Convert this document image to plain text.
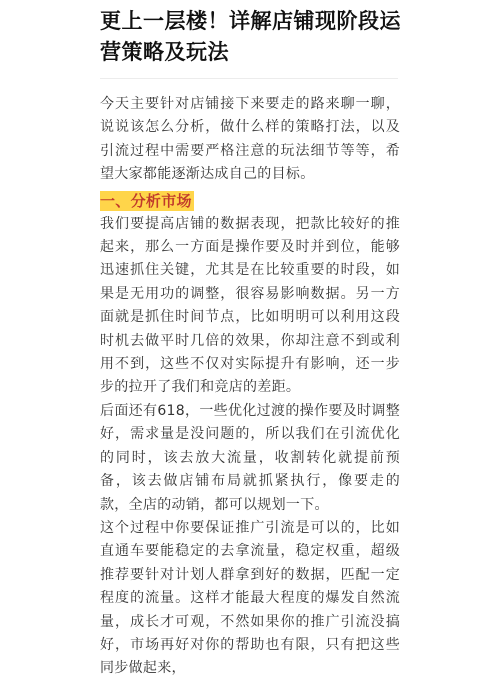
更上一层楼！详解店铺现阶段运营策略及玩法

今天主要针对店铺接下来要走的路来聊一聊，说说该怎么分析，做什么样的策略打法，以及引流过程中需要严格注意的玩法细节等等，希望大家都能逐渐达成自己的目标。

一、分析市场

我们要提高店铺的数据表现，把款比较好的推起来，那么一方面是操作要及时并到位，能够迅速抓住关键，尤其是在比较重要的时段，如果是无用功的调整，很容易影响数据。另一方面就是抓住时间节点，比如明明可以利用这段时机去做平时几倍的效果，你却注意不到或利用不到，这些不仅对实际提升有影响，还一步步的拉开了我们和竞店的差距。

后面还有618，一些优化过渡的操作要及时调整好，需求量是没问题的，所以我们在引流优化的同时，该去放大流量，收割转化就提前预备，该去做店铺布局就抓紧执行，像要走的款，全店的动销，都可以规划一下。

这个过程中你要保证推广引流是可以的，比如直通车要能稳定的去拿流量，稳定权重，超级推荐要针对计划人群拿到好的数据，匹配一定程度的流量。这样才能最大程度的爆发自然流量，成长才可观，不然如果你的推广引流没搞好，市场再好对你的帮助也有限，只有把这些同步做起来，
